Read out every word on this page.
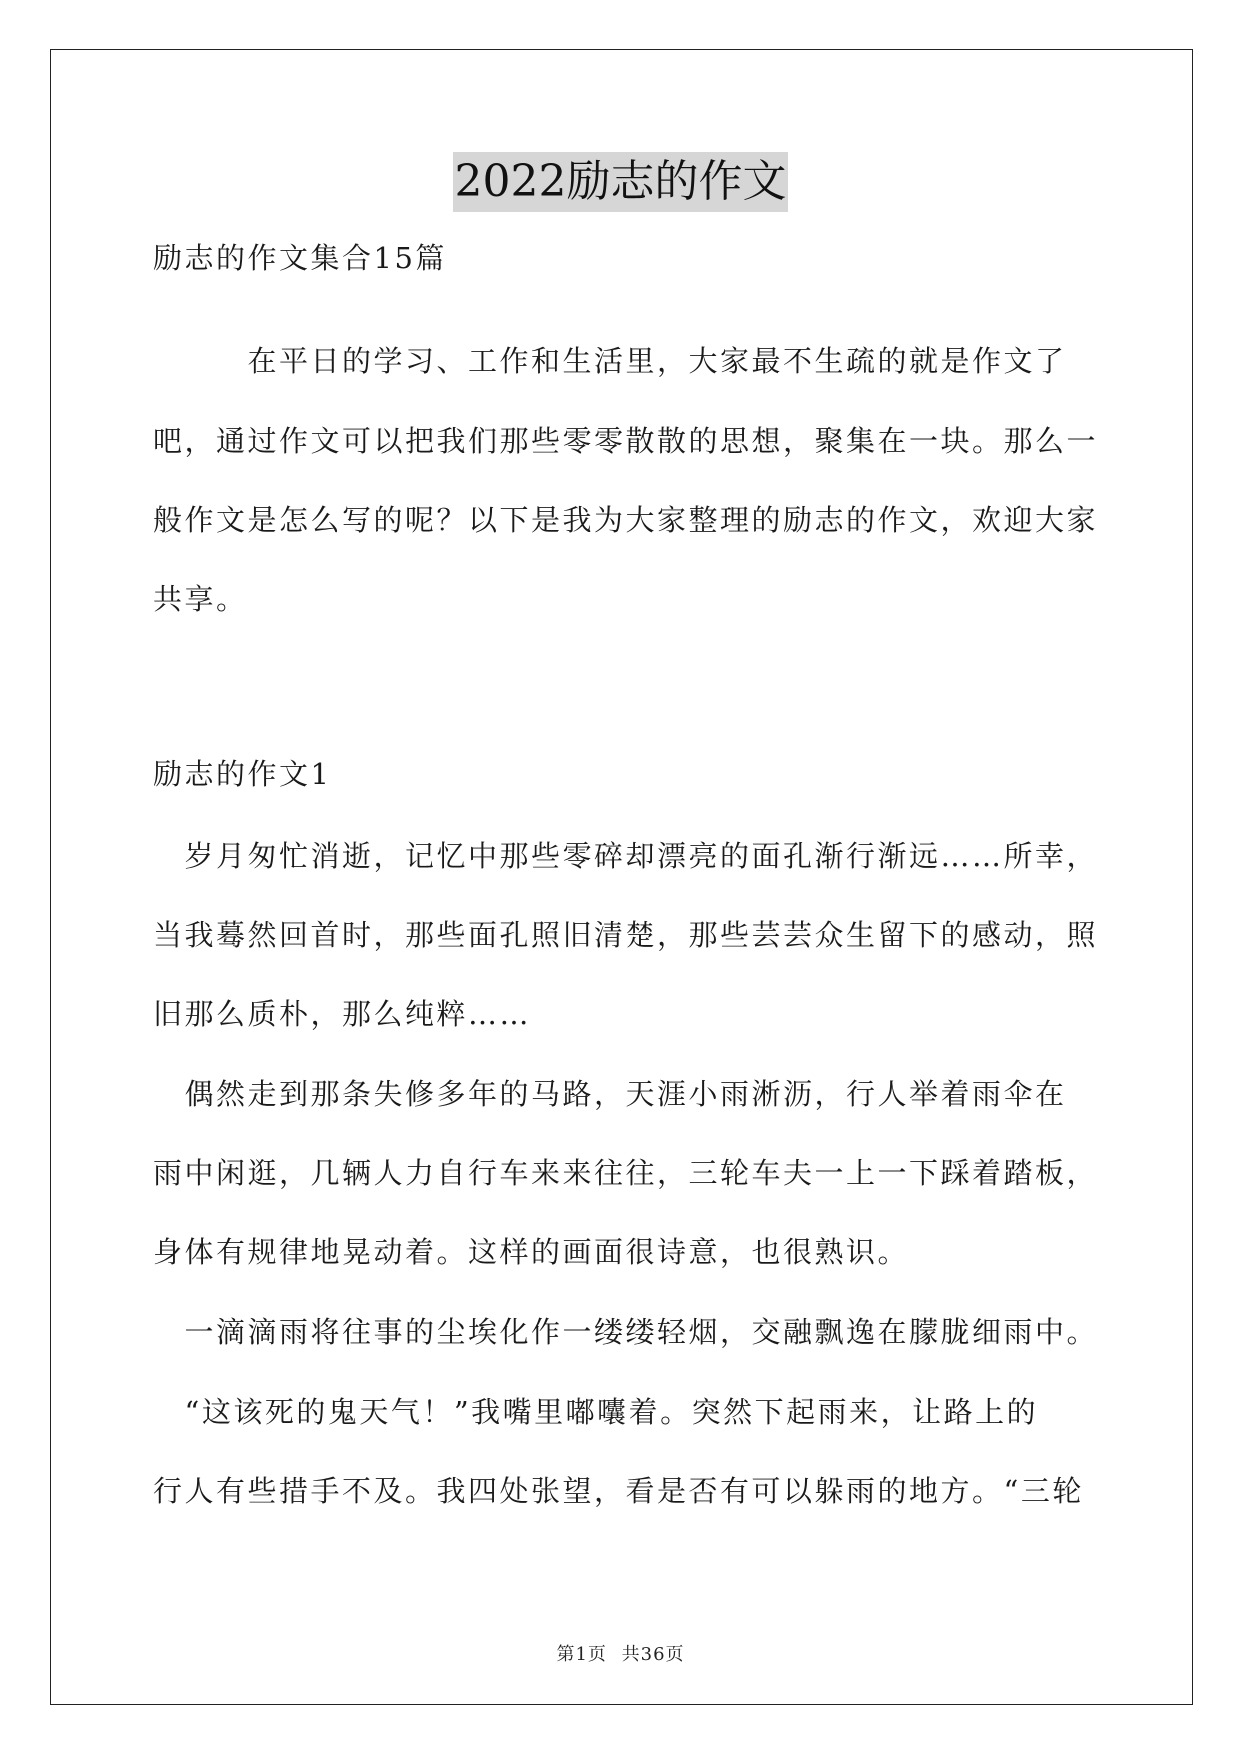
2022励志的作文
励志的作文集合15篇
　　　在平日的学习、工作和生活里，大家最不生疏的就是作文了
吧，通过作文可以把我们那些零零散散的思想，聚集在一块。那么一
般作文是怎么写的呢？以下是我为大家整理的励志的作文，欢迎大家
共享。
励志的作文1
　岁月匆忙消逝，记忆中那些零碎却漂亮的面孔渐行渐远……所幸，
当我蓦然回首时，那些面孔照旧清楚，那些芸芸众生留下的感动，照
旧那么质朴，那么纯粹……
　偶然走到那条失修多年的马路，天涯小雨淅沥，行人举着雨伞在
雨中闲逛，几辆人力自行车来来往往，三轮车夫一上一下踩着踏板，
身体有规律地晃动着。这样的画面很诗意，也很熟识。
　一滴滴雨将往事的尘埃化作一缕缕轻烟，交融飘逸在朦胧细雨中。
　“这该死的鬼天气！”我嘴里嘟囔着。突然下起雨来，让路上的
行人有些措手不及。我四处张望，看是否有可以躲雨的地方。“三轮
第1页 共36页
